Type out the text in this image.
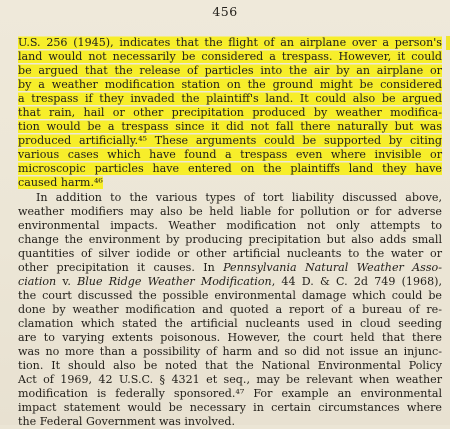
456
U.S. 256 (1945), indicates that the flight of an airplane over a person's
land would not necessarily be considered a trespass. However, it could
be argued that the release of particles into the air by an airplane or
by a weather modification station on the ground might be considered
a trespass if they invaded the plaintiff's land. It could also be argued
that rain, hail or other precipitation produced by weather modifica-
tion would be a trespass since it did not fall there naturally but was
produced artificially.⁴⁵ These arguments could be supported by citing
various cases which have found a trespass even where invisible or
microscopic particles have entered on the plaintiffs land they have
caused harm.⁴⁶
In addition to the various types of tort liability discussed above,
weather modifiers may also be held liable for pollution or for adverse
environmental impacts. Weather modification not only attempts to
change the environment by producing precipitation but also adds small
quantities of silver iodide or other artificial nucleants to the water or
other precipitation it causes. In Pennsylvania Natural Weather Asso-
ciation v. Blue Ridge Weather Modification, 44 D. & C. 2d 749 (1968),
the court discussed the possible environmental damage which could be
done by weather modification and quoted a report of a bureau of re-
clamation which stated the artificial nucleants used in cloud seeding
are to varying extents poisonous. However, the court held that there
was no more than a possibility of harm and so did not issue an injunc-
tion. It should also be noted that the National Environmental Policy
Act of 1969, 42 U.S.C. § 4321 et seq., may be relevant when weather
modification is federally sponsored.⁴⁷ For example an environmental
impact statement would be necessary in certain circumstances where
the Federal Government was involved.
